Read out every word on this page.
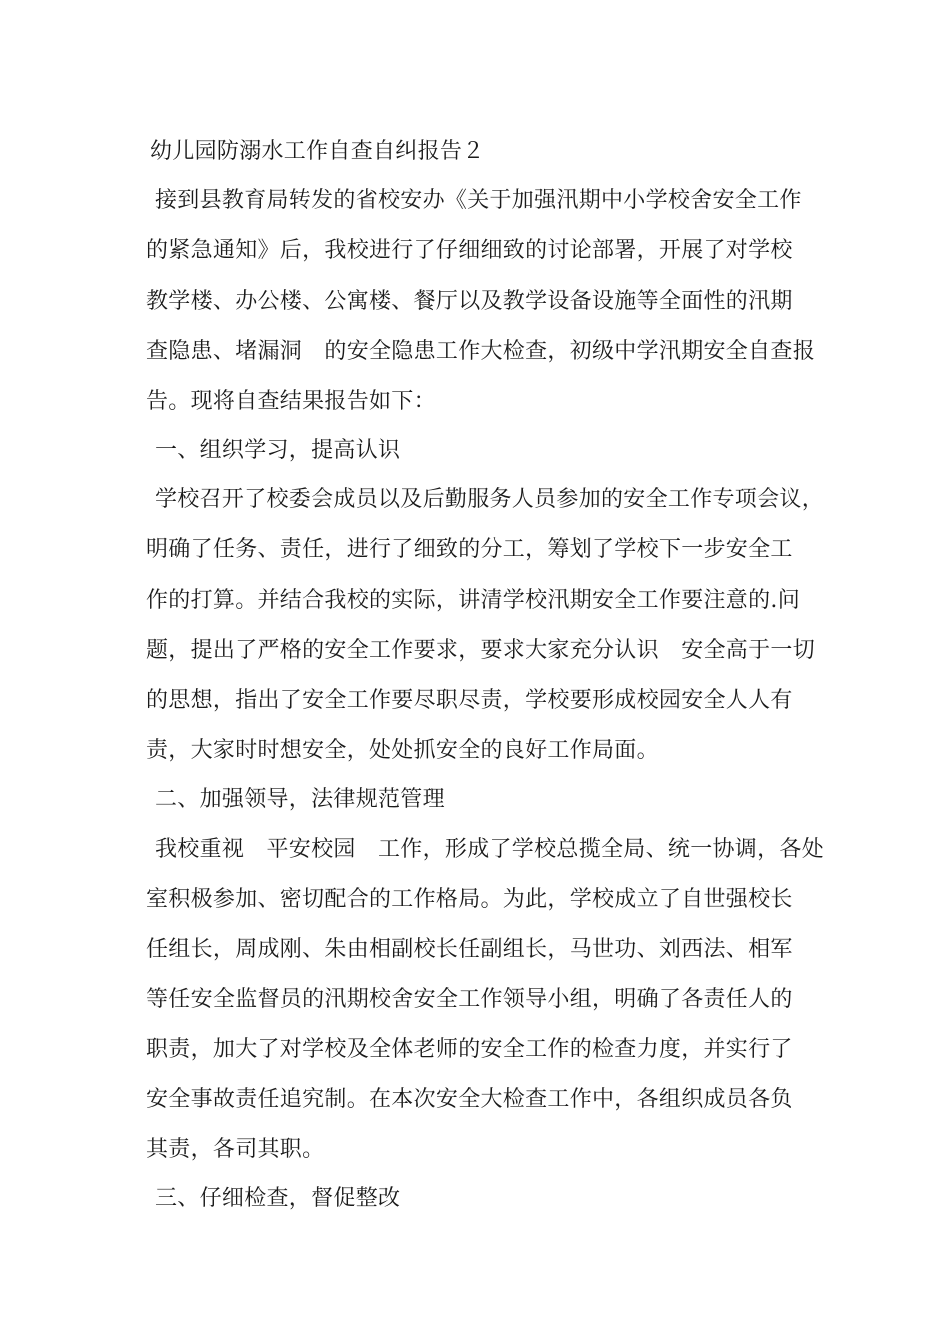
幼儿园防溺水工作自查自纠报告２
接到县教育局转发的省校安办《关于加强汛期中小学校舍安全工作
的紧急通知》后，我校进行了仔细细致的讨论部署，开展了对学校
教学楼、办公楼、公寓楼、餐厅以及教学设备设施等全面性的汛期
查隐患、堵漏洞　的安全隐患工作大检查，初级中学汛期安全自查报
告。现将自查结果报告如下：
一、组织学习，提高认识
学校召开了校委会成员以及后勤服务人员参加的安全工作专项会议，
明确了任务、责任，进行了细致的分工，筹划了学校下一步安全工
作的打算。并结合我校的实际，讲清学校汛期安全工作要注意的.问
题，提出了严格的安全工作要求，要求大家充分认识　安全高于一切
的思想，指出了安全工作要尽职尽责，学校要形成校园安全人人有
责，大家时时想安全，处处抓安全的良好工作局面。
二、加强领导，法律规范管理
我校重视　平安校园　工作，形成了学校总揽全局、统一协调，各处
室积极参加、密切配合的工作格局。为此，学校成立了自世强校长
任组长，周成刚、朱由相副校长任副组长，马世功、刘西法、相军
等任安全监督员的汛期校舍安全工作领导小组，明确了各责任人的
职责，加大了对学校及全体老师的安全工作的检查力度，并实行了
安全事故责任追究制。在本次安全大检查工作中，各组织成员各负
其责，各司其职。
三、仔细检查，督促整改
